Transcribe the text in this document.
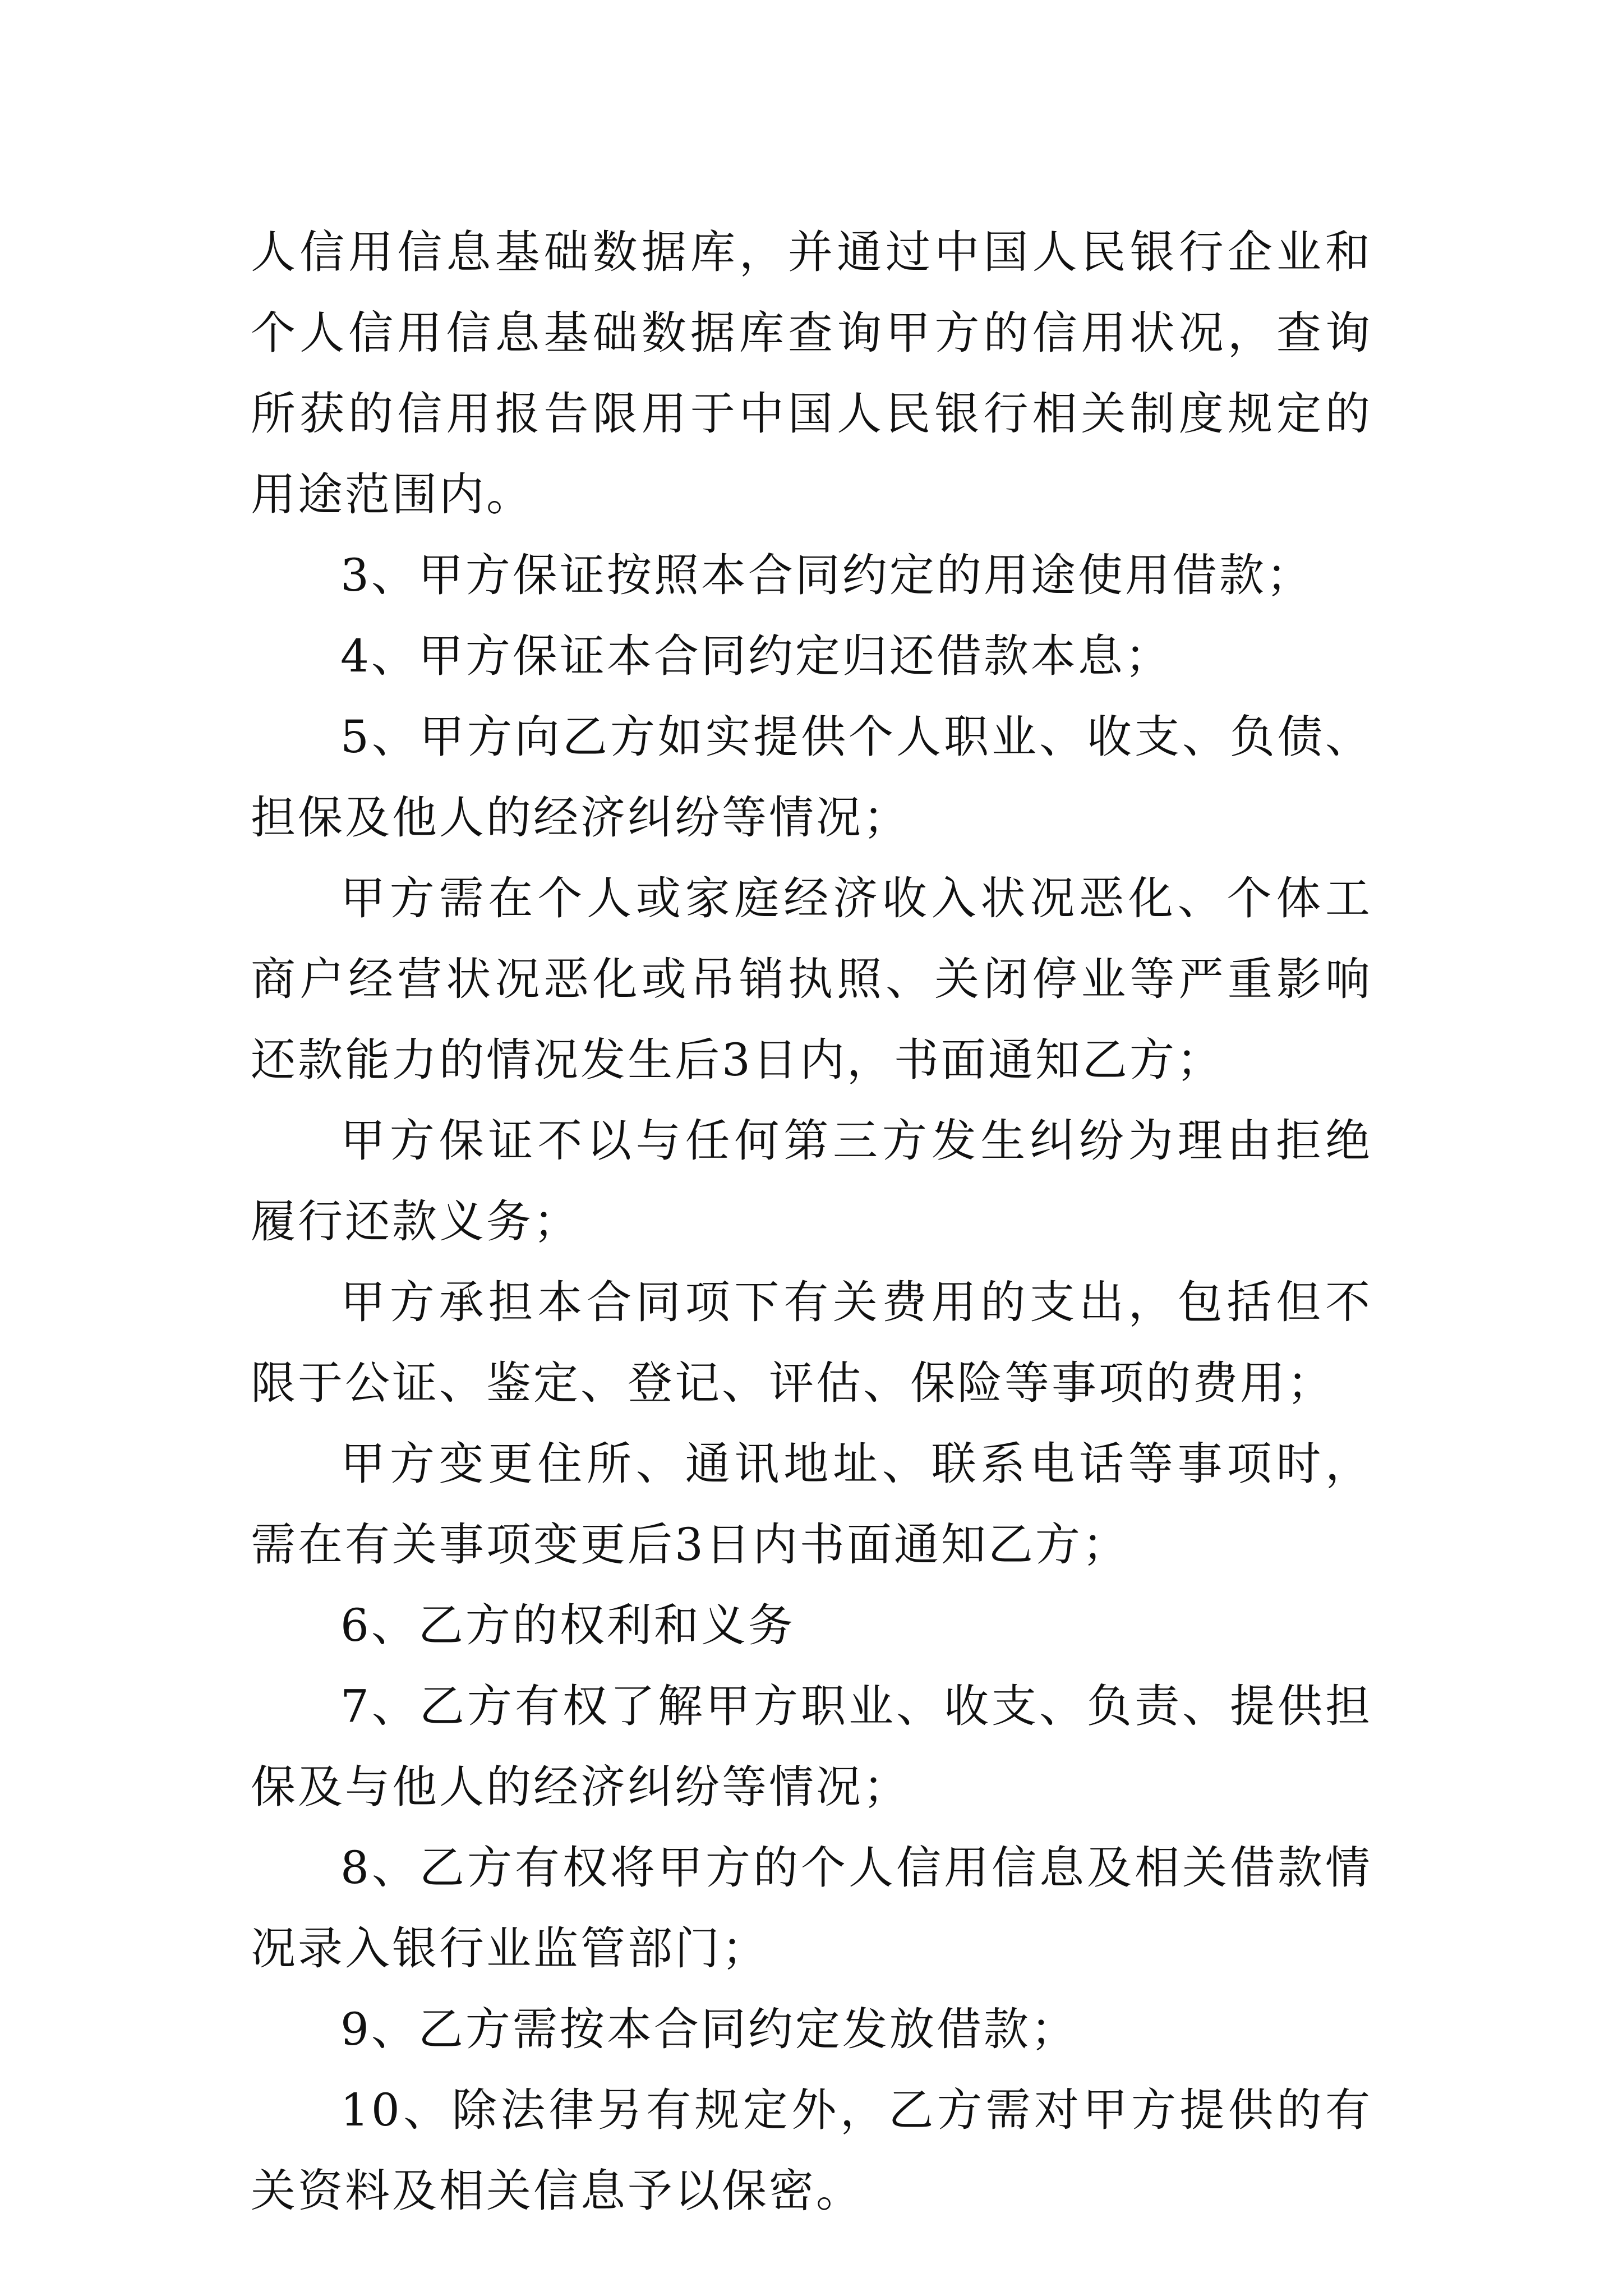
人信用信息基础数据库，并通过中国人民银行企业和个人信用信息基础数据库查询甲方的信用状况，查询所获的信用报告限用于中国人民银行相关制度规定的用途范围内。

3、甲方保证按照本合同约定的用途使用借款；

4、甲方保证本合同约定归还借款本息；

5、甲方向乙方如实提供个人职业、收支、负债、担保及他人的经济纠纷等情况；

甲方需在个人或家庭经济收入状况恶化、个体工商户经营状况恶化或吊销执照、关闭停业等严重影响还款能力的情况发生后3日内，书面通知乙方；

甲方保证不以与任何第三方发生纠纷为理由拒绝履行还款义务；

甲方承担本合同项下有关费用的支出，包括但不限于公证、鉴定、登记、评估、保险等事项的费用；

甲方变更住所、通讯地址、联系电话等事项时，需在有关事项变更后3日内书面通知乙方；

6、乙方的权利和义务

7、乙方有权了解甲方职业、收支、负责、提供担保及与他人的经济纠纷等情况；

8、乙方有权将甲方的个人信用信息及相关借款情况录入银行业监管部门；

9、乙方需按本合同约定发放借款；

10、除法律另有规定外，乙方需对甲方提供的有关资料及相关信息予以保密。
